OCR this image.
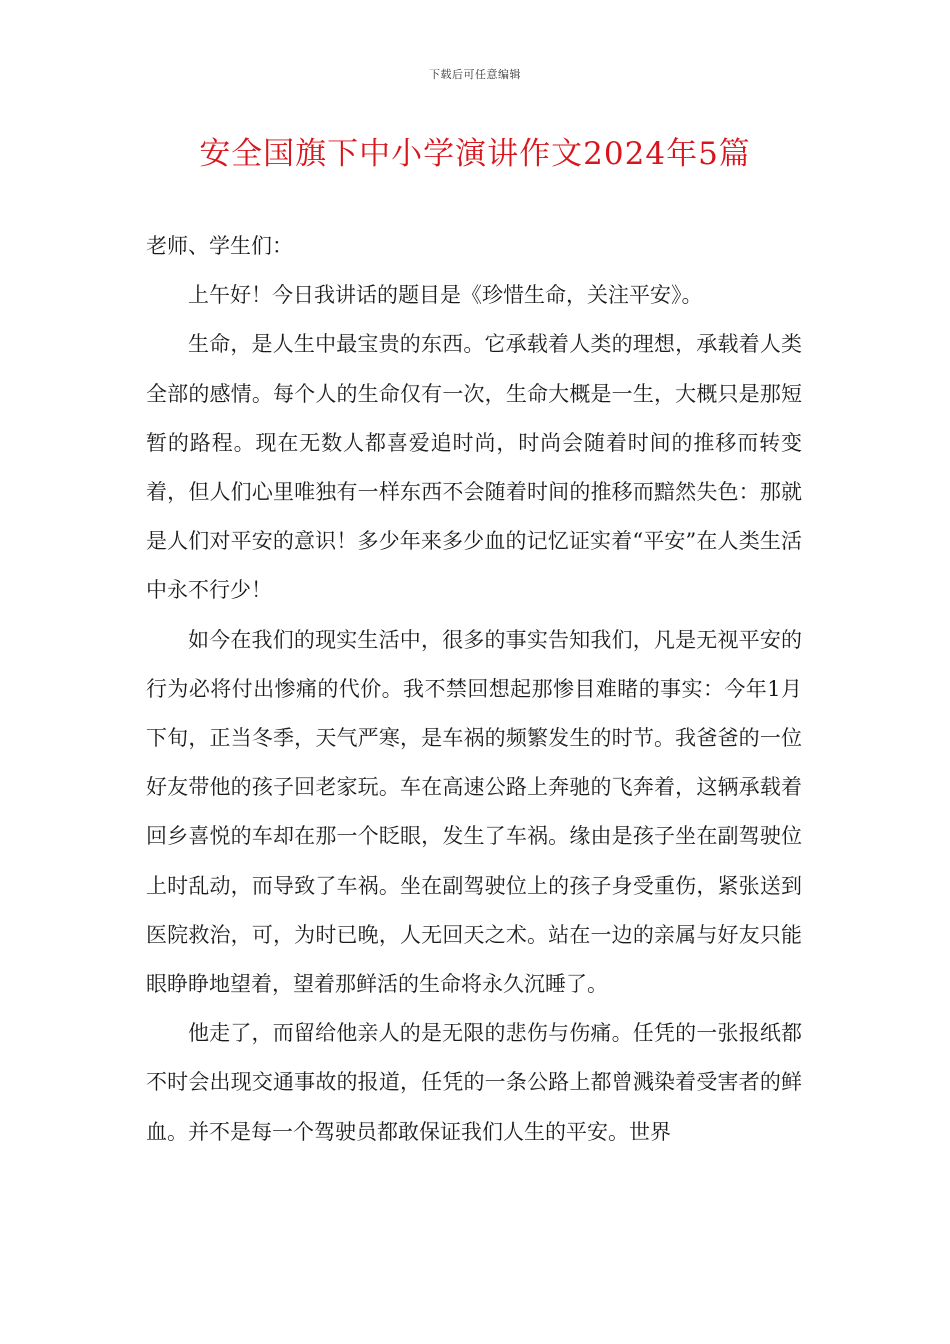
下载后可任意编辑
安全国旗下中小学演讲作文2024年5篇

老师、学生们：

上午好！今日我讲话的题目是《珍惜生命，关注平安》。

生命，是人生中最宝贵的东西。它承载着人类的理想，承载着人类全部的感情。每个人的生命仅有一次，生命大概是一生，大概只是那短暂的路程。现在无数人都喜爱追时尚，时尚会随着时间的推移而转变着，但人们心里唯独有一样东西不会随着时间的推移而黯然失色：那就是人们对平安的意识！多少年来多少血的记忆证实着“平安”在人类生活中永不行少！

如今在我们的现实生活中，很多的事实告知我们，凡是无视平安的行为必将付出惨痛的代价。我不禁回想起那惨目难睹的事实：今年1月下旬，正当冬季，天气严寒，是车祸的频繁发生的时节。我爸爸的一位好友带他的孩子回老家玩。车在高速公路上奔驰的飞奔着，这辆承载着回乡喜悦的车却在那一个眨眼，发生了车祸。缘由是孩子坐在副驾驶位上时乱动，而导致了车祸。坐在副驾驶位上的孩子身受重伤，紧张送到医院救治，可，为时已晚，人无回天之术。站在一边的亲属与好友只能眼睁睁地望着，望着那鲜活的生命将永久沉睡了。

他走了，而留给他亲人的是无限的悲伤与伤痛。任凭的一张报纸都不时会出现交通事故的报道，任凭的一条公路上都曾溅染着受害者的鲜血。并不是每一个驾驶员都敢保证我们人生的平安。世界
